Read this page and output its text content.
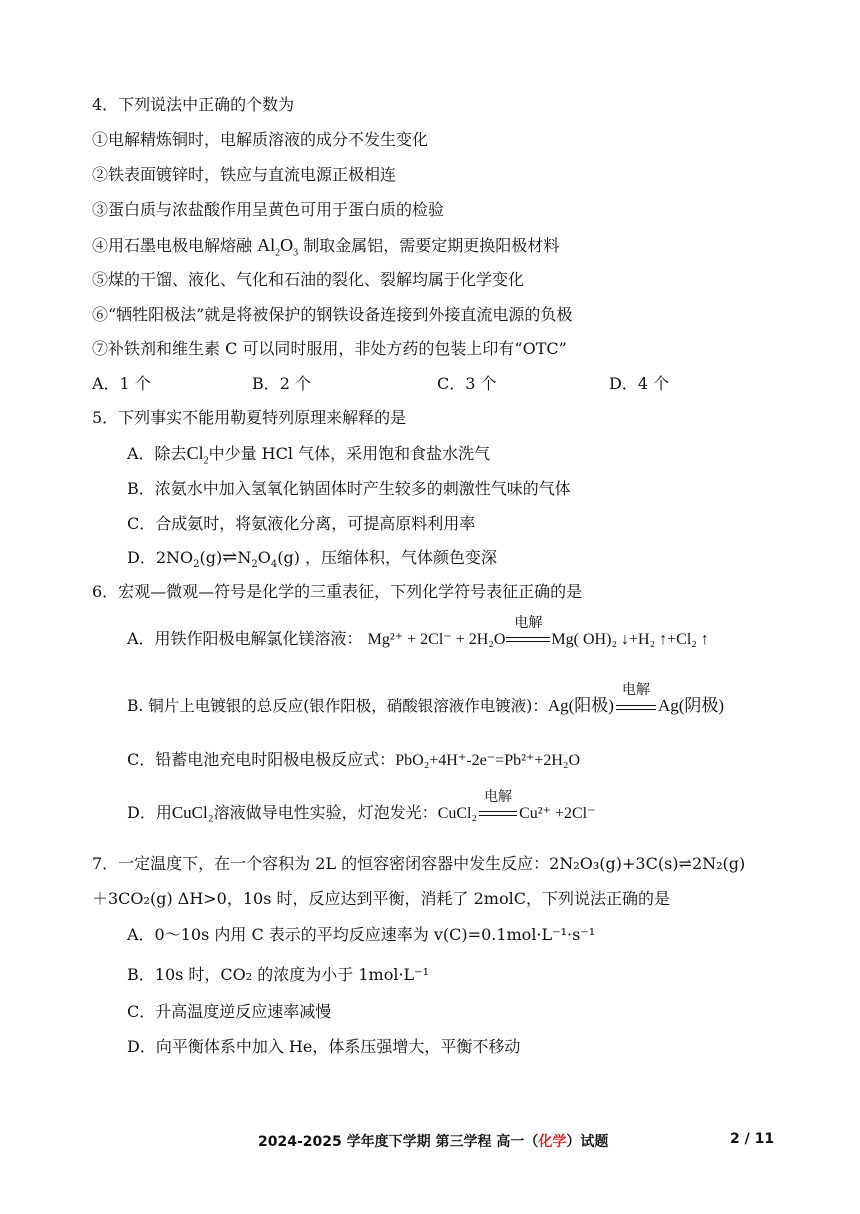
4．下列说法中正确的个数为
①电解精炼铜时，电解质溶液的成分不发生变化
②铁表面镀锌时，铁应与直流电源正极相连
③蛋白质与浓盐酸作用呈黄色可用于蛋白质的检验
④用石墨电极电解熔融 $Al_2O_3$ 制取金属铝，需要定期更换阳极材料
⑤煤的干馏、液化、气化和石油的裂化、裂解均属于化学变化
⑥“牺牲阳极法”就是将被保护的钢铁设备连接到外接直流电源的负极
⑦补铁剂和维生素 C 可以同时服用，非处方药的包装上印有“OTC”
A．1 个	B．2 个	C．3 个	D．4 个
5．下列事实不能用勒夏特列原理来解释的是
A．除去$Cl_2$中少量 HCl 气体，采用饱和食盐水洗气
B．浓氨水中加入氢氧化钠固体时产生较多的刺激性气味的气体
C．合成氨时，将氨液化分离，可提高原料利用率
D．$2NO_2(g)\rightleftharpoons N_2O_4(g)$ ，压缩体积，气体颜色变深
6．宏观—微观—符号是化学的三重表征，下列化学符号表征正确的是
A．用铁作阳极电解氯化镁溶液： Mg²⁺ + 2Cl⁻ + 2H₂O
电解
Mg( OH)₂ ↓+H₂ ↑+Cl₂ ↑
B. 铜片上电镀银的总反应(银作阳极，硝酸银溶液作电镀液)：Ag(阳极)
电解
Ag(阴极)
C．铅蓄电池充电时阳极电极反应式：PbO₂+4H⁺-2e⁻=Pb²⁺+2H₂O
D．用CuCl₂溶液做导电性实验，灯泡发光：CuCl₂
电解
Cu²⁺ +2Cl⁻
7．一定温度下，在一个容积为 2L 的恒容密闭容器中发生反应：2N₂O₃(g)+3C(s)⇌2N₂(g)
＋3CO₂(g) ΔH>0，10s 时，反应达到平衡，消耗了 2molC，下列说法正确的是
A．0～10s 内用 C 表示的平均反应速率为 v(C)=0.1mol·L⁻¹·s⁻¹
B．10s 时，CO₂ 的浓度为小于 1mol·L⁻¹
C．升高温度逆反应速率减慢
D．向平衡体系中加入 He，体系压强增大，平衡不移动
2024-2025 学年度下学期 第三学程 高一（化学）试题	2 / 11
